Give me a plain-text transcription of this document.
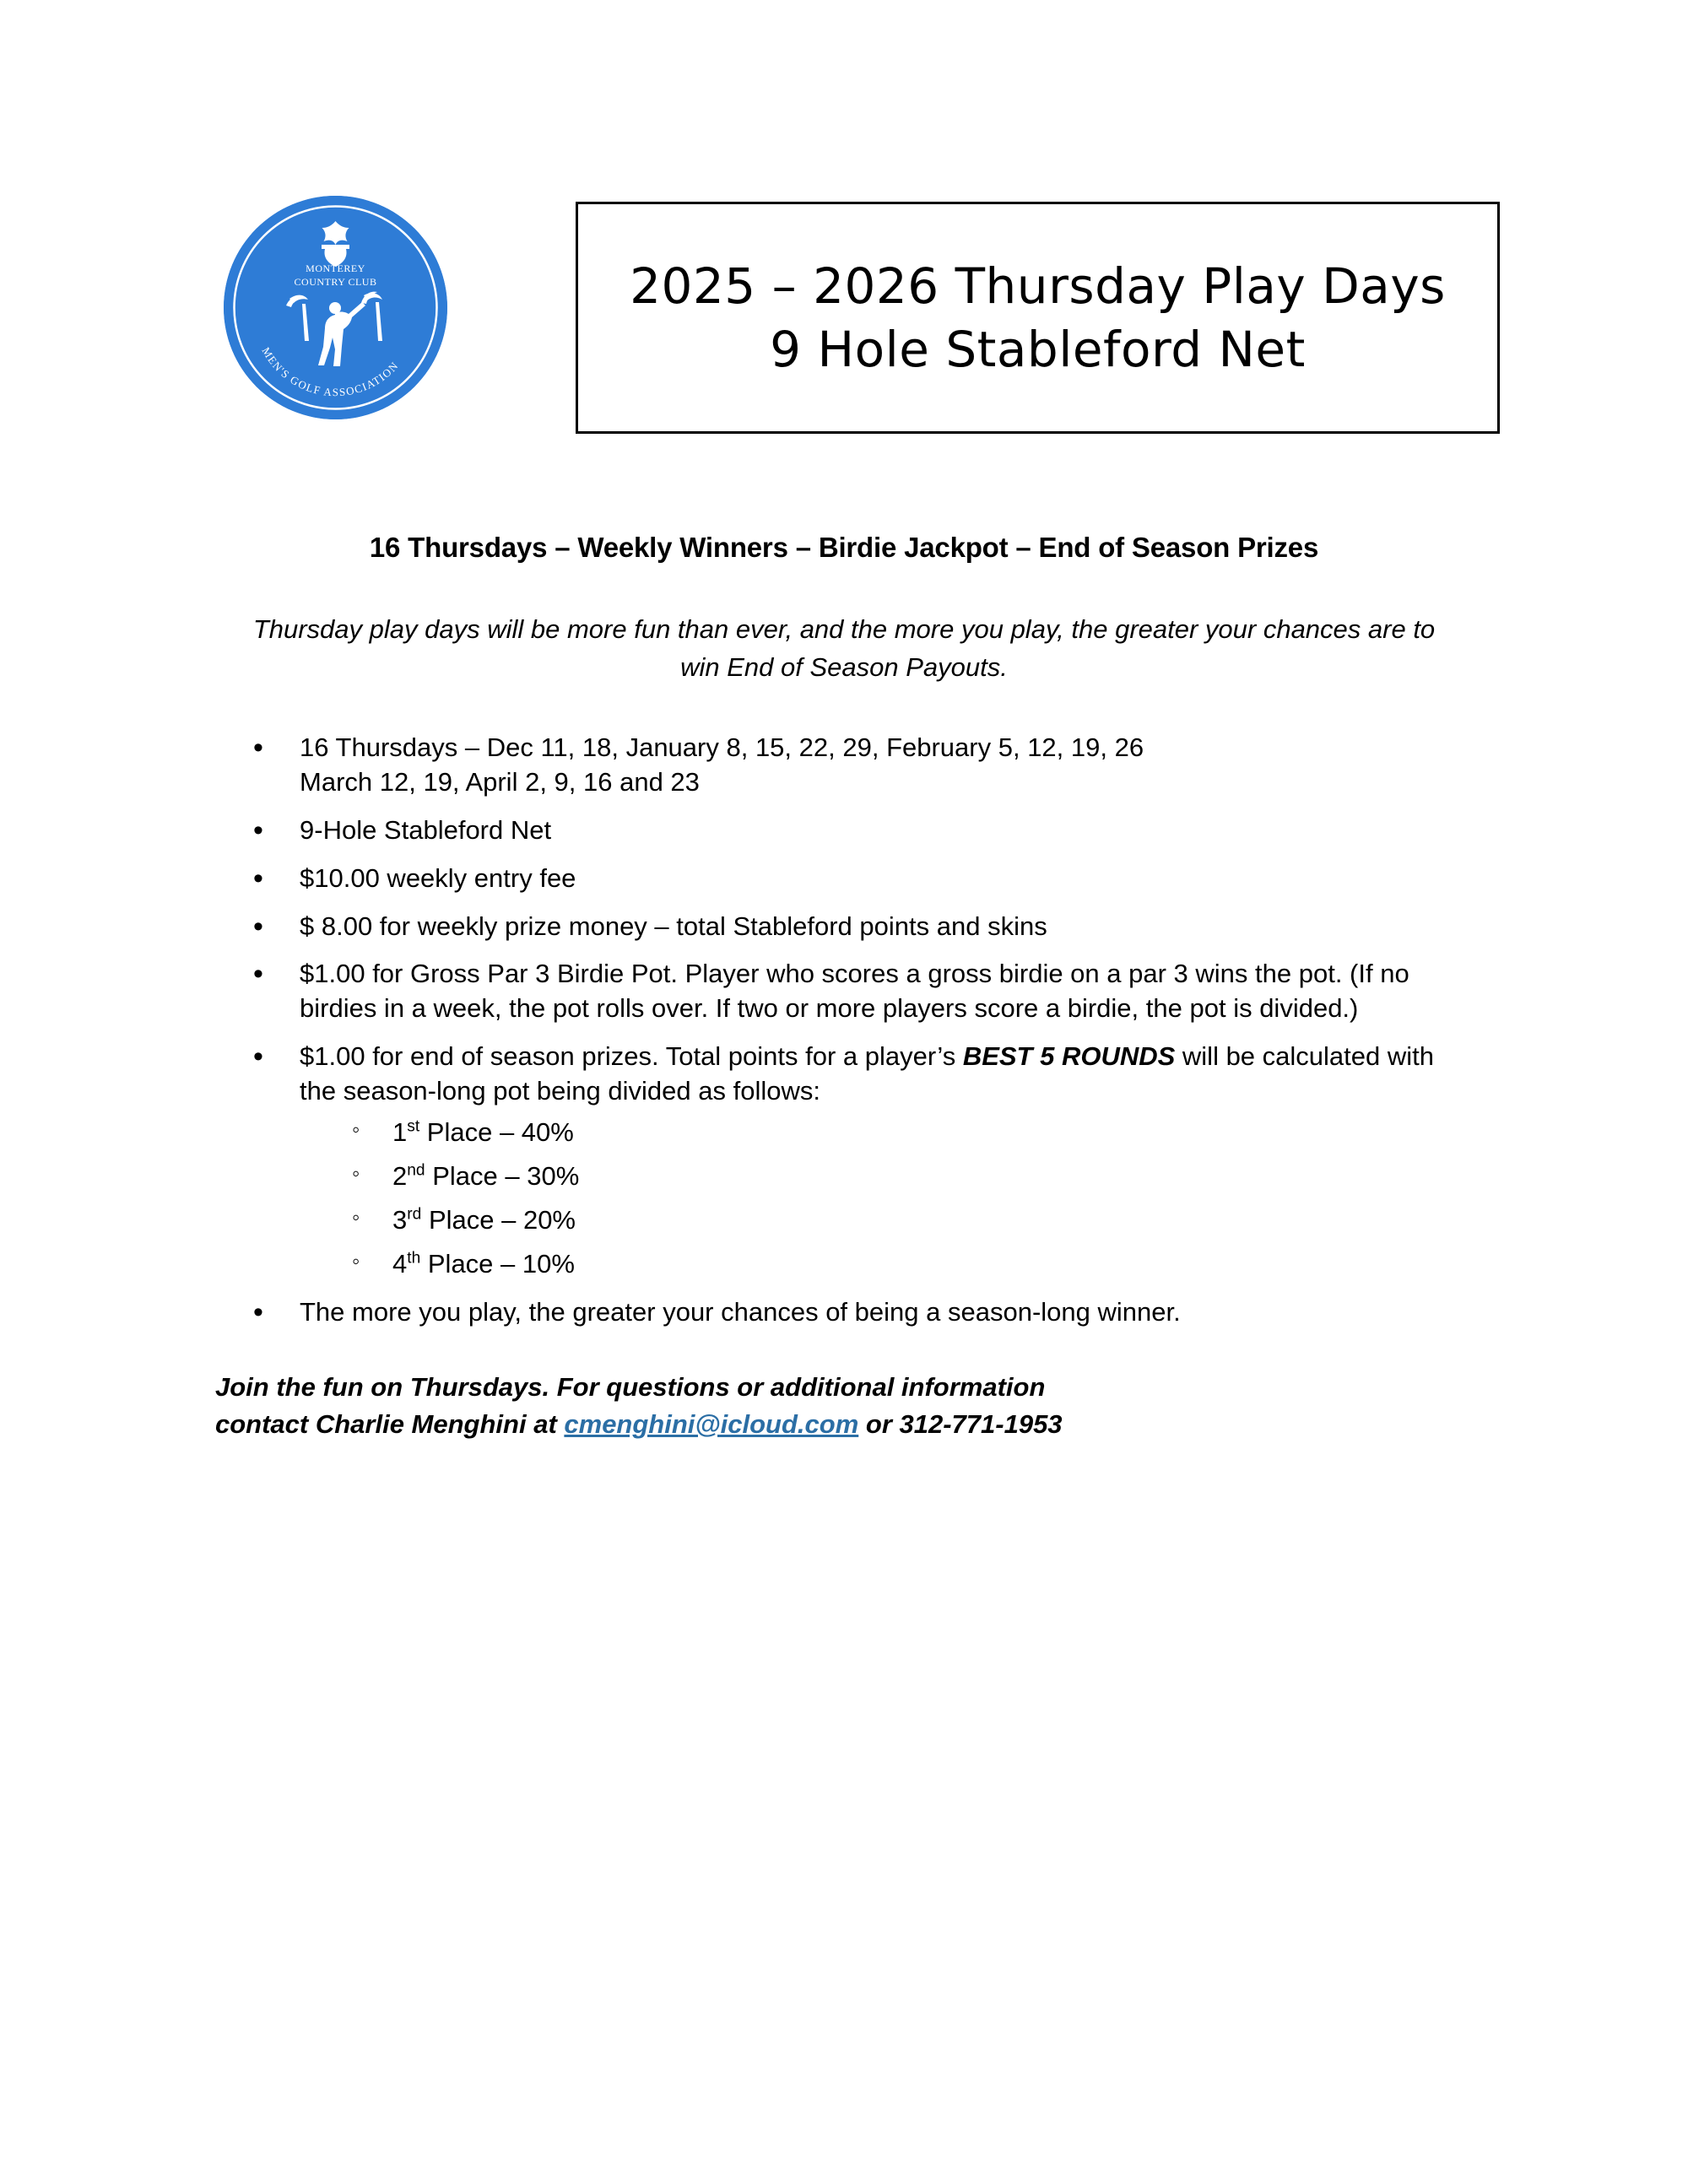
MONTEREY
COUNTRY CLUB
MEN'S GOLF ASSOCIATION
2025 – 2026 Thursday Play Days
9 Hole Stableford Net
16 Thursdays – Weekly Winners – Birdie Jackpot – End of Season Prizes
Thursday play days will be more fun than ever, and the more you play, the greater your chances are to win End of Season Payouts.
• 16 Thursdays – Dec 11, 18, January 8, 15, 22, 29, February 5, 12, 19, 26
March 12, 19, April 2, 9, 16 and 23
• 9-Hole Stableford Net
• $10.00 weekly entry fee
• $ 8.00 for weekly prize money – total Stableford points and skins
• $1.00 for Gross Par 3 Birdie Pot. Player who scores a gross birdie on a par 3 wins the pot. (If no birdies in a week, the pot rolls over. If two or more players score a birdie, the pot is divided.)
• $1.00 for end of season prizes. Total points for a player’s BEST 5 ROUNDS will be calculated with the season-long pot being divided as follows:
◦ 1st Place – 40%
◦ 2nd Place – 30%
◦ 3rd Place – 20%
◦ 4th Place – 10%
• The more you play, the greater your chances of being a season-long winner.
Join the fun on Thursdays. For questions or additional information
contact Charlie Menghini at cmenghini@icloud.com or 312-771-1953
